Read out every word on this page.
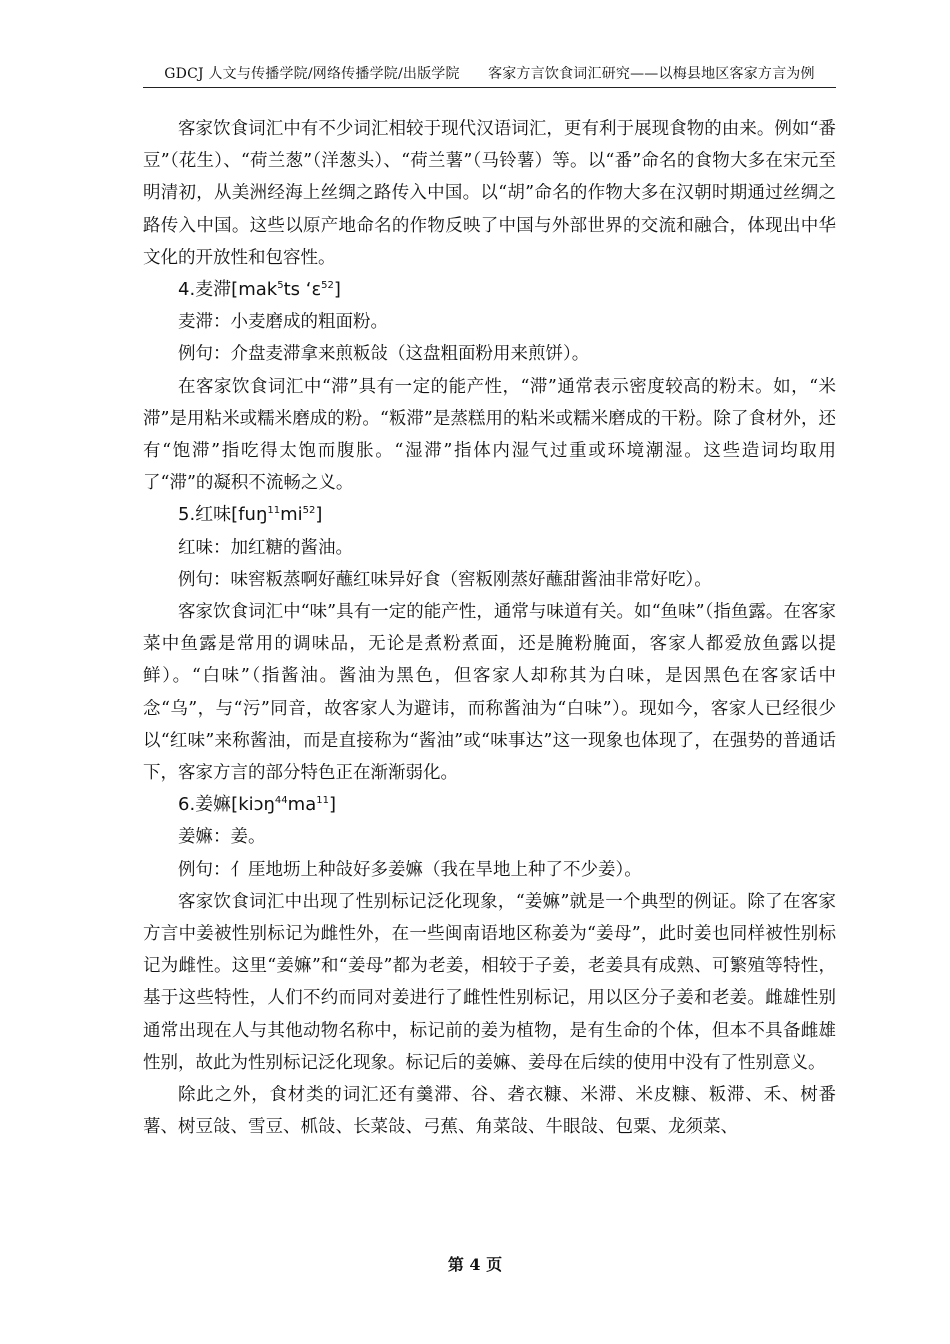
GDCJ 人文与传播学院/网络传播学院/出版学院　　客家方言饮食词汇研究——以梅县地区客家方言为例

客家饮食词汇中有不少词汇相较于现代汉语词汇，更有利于展现食物的由来。例如“番豆”（花生）、“荷兰葱”（洋葱头）、“荷兰薯”（马铃薯）等。以“番”命名的食物大多在宋元至明清初，从美洲经海上丝绸之路传入中国。以“胡”命名的作物大多在汉朝时期通过丝绸之路传入中国。这些以原产地命名的作物反映了中国与外部世界的交流和融合，体现出中华文化的开放性和包容性。

4.麦滞[mak$^5$ts ‘ɛ$^{52}$]

麦滞：小麦磨成的粗面粉。

例句：介盘麦滞拿来煎粄敆（这盘粗面粉用来煎饼）。

在客家饮食词汇中“滞”具有一定的能产性，“滞”通常表示密度较高的粉末。如，“米滞”是用粘米或糯米磨成的粉。“粄滞”是蒸糕用的粘米或糯米磨成的干粉。除了食材外，还有“饱滞”指吃得太饱而腹胀。“湿滞”指体内湿气过重或环境潮湿。这些造词均取用了“滞”的凝积不流畅之义。

5.红味$[fuŋ^{11}mi^{52}]$

红味：加红糖的酱油。

例句：味窖粄蒸啊好蘸红味异好食（窖粄刚蒸好蘸甜酱油非常好吃）。

客家饮食词汇中“味”具有一定的能产性，通常与味道有关。如“鱼味”（指鱼露。在客家菜中鱼露是常用的调味品，无论是煮粉煮面，还是腌粉腌面，客家人都爱放鱼露以提鲜）。“白味”（指酱油。酱油为黑色，但客家人却称其为白味，是因黑色在客家话中念“乌”，与“污”同音，故客家人为避讳，而称酱油为“白味”）。现如今，客家人已经很少以“红味”来称酱油，而是直接称为“酱油”或“味事达”这一现象也体现了，在强势的普通话下，客家方言的部分特色正在渐渐弱化。

6.姜嫲$[kiɔŋ^{44}ma^{11}]$

姜嫲：姜。

例句：亻厓地坜上种敆好多姜嫲（我在旱地上种了不少姜）。

客家饮食词汇中出现了性别标记泛化现象，“姜嫲”就是一个典型的例证。除了在客家方言中姜被性别标记为雌性外，在一些闽南语地区称姜为“姜母”，此时姜也同样被性别标记为雌性。这里“姜嫲”和“姜母”都为老姜，相较于子姜，老姜具有成熟、可繁殖等特性，基于这些特性，人们不约而同对姜进行了雌性性别标记，用以区分子姜和老姜。雌雄性别通常出现在人与其他动物名称中，标记前的姜为植物，是有生命的个体，但本不具备雌雄性别，故此为性别标记泛化现象。标记后的姜嫲、姜母在后续的使用中没有了性别意义。

除此之外，食材类的词汇还有羹滞、谷、砻衣糠、米滞、米皮糠、粄滞、禾、树番薯、树豆敆、雪豆、枛敆、长菜敆、弓蕉、角菜敆、牛眼敆、包粟、龙须菜、

第 4 页
